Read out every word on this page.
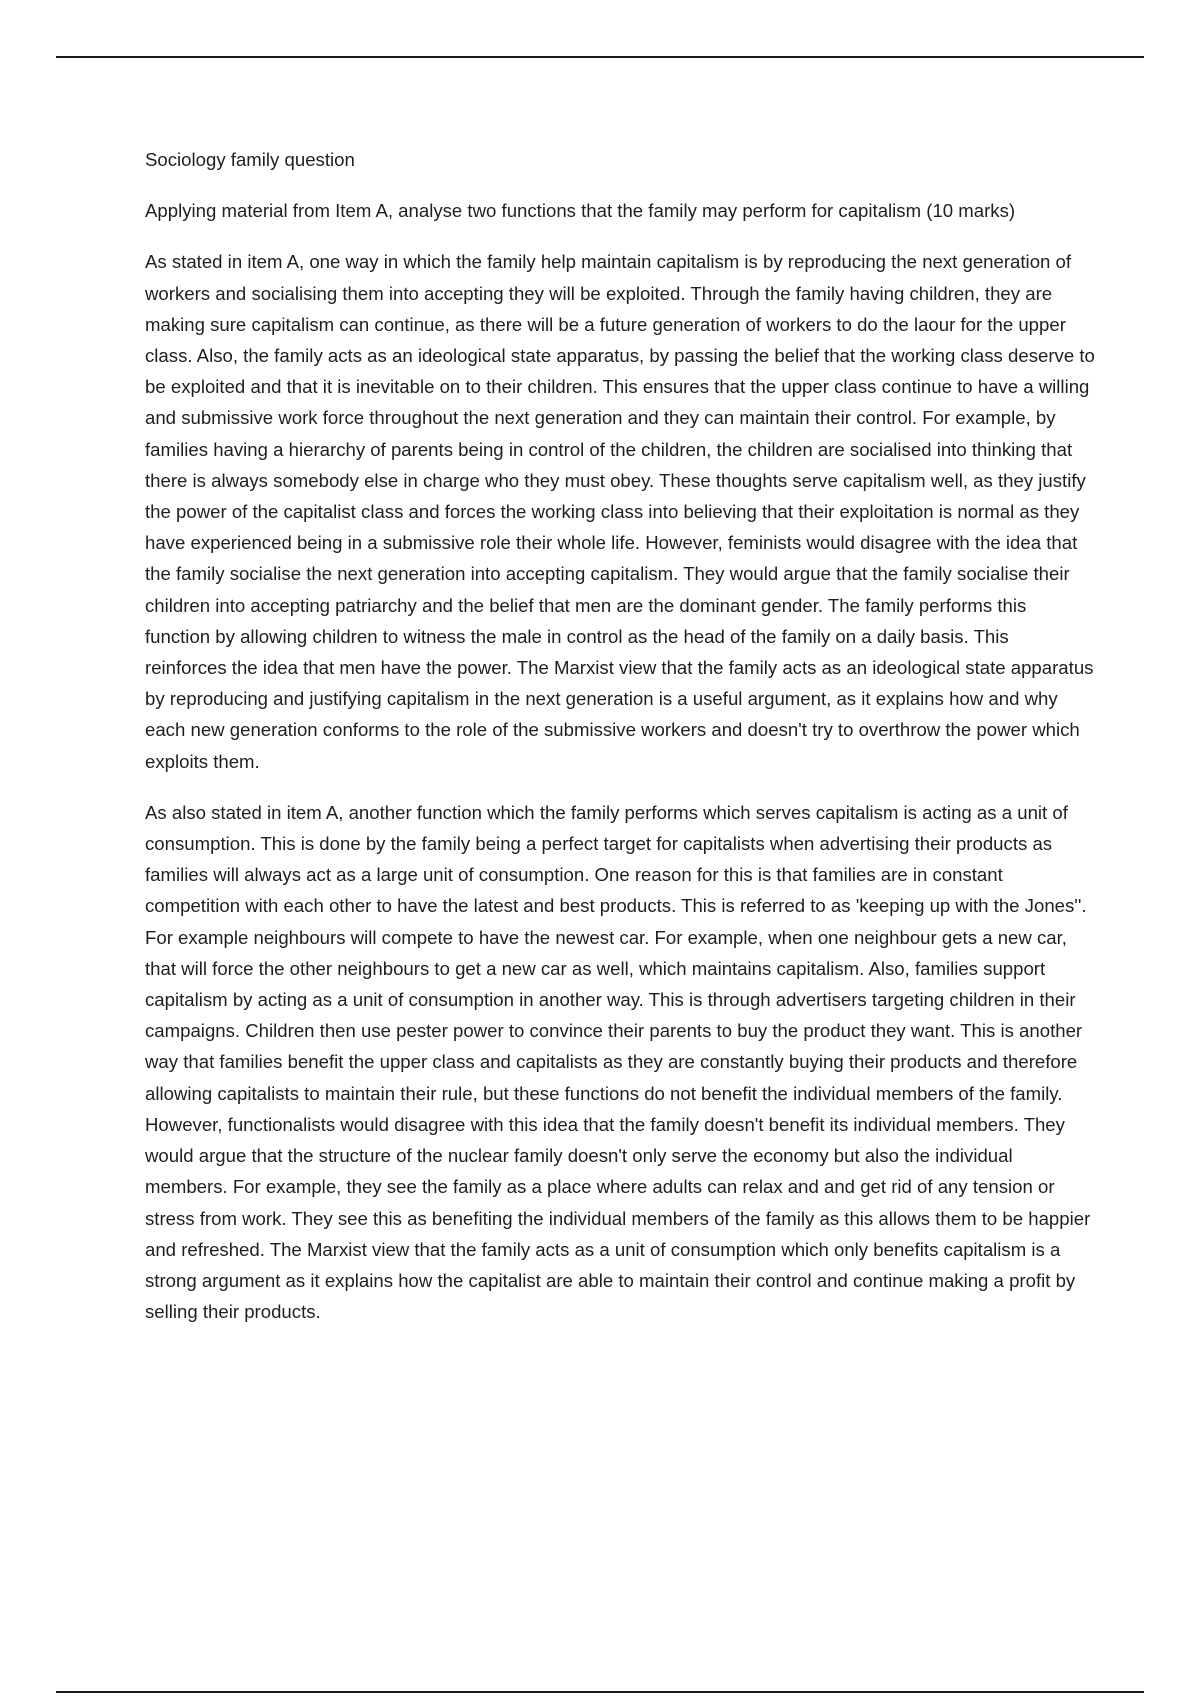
Sociology family question

Applying material from Item A, analyse two functions that the family may perform for capitalism (10 marks)

As stated in item A, one way in which the family help maintain capitalism is by reproducing the next generation of workers and socialising them into accepting they will be exploited. Through the family having children, they are making sure capitalism can continue, as there will be a future generation of workers to do the laour for the upper class. Also, the family acts as an ideological state apparatus, by passing the belief that the working class deserve to be exploited and that it is inevitable on to their children. This ensures that the upper class continue to have a willing and submissive work force throughout the next generation and they can maintain their control. For example, by families having a hierarchy of parents being in control of the children, the children are socialised into thinking that there is always somebody else in charge who they must obey. These thoughts serve capitalism well, as they justify the power of the capitalist class and forces the working class into believing that their exploitation is normal as they have experienced being in a submissive role their whole life. However, feminists would disagree with the idea that the family socialise the next generation into accepting capitalism. They would argue that the family socialise their children into accepting patriarchy and the belief that men are the dominant gender. The family performs this function by allowing children to witness the male in control as the head of the family on a daily basis. This reinforces the idea that men have the power. The Marxist view that the family acts as an ideological state apparatus by reproducing and justifying capitalism in the next generation is a useful argument, as it explains how and why each new generation conforms to the role of the submissive workers and doesn't try to overthrow the power which exploits them.

As also stated in item A, another function which the family performs which serves capitalism is acting as a unit of consumption. This is done by the family being a perfect target for capitalists when advertising their products as families will always act as a large unit of consumption. One reason for this is that families are in constant competition with each other to have the latest and best products. This is referred to as 'keeping up with the Jones''. For example neighbours will compete to have the newest car. For example, when one neighbour gets a new car, that will force the other neighbours to get a new car as well, which maintains capitalism. Also, families support capitalism by acting as a unit of consumption in another way. This is through advertisers targeting children in their campaigns. Children then use pester power to convince their parents to buy the product they want. This is another way that families benefit the upper class and capitalists as they are constantly buying their products and therefore allowing capitalists to maintain their rule, but these functions do not benefit the individual members of the family. However, functionalists would disagree with this idea that the family doesn't benefit its individual members. They would argue that the structure of the nuclear family doesn't only serve the economy but also the individual members. For example, they see the family as a place where adults can relax and and get rid of any tension or stress from work. They see this as benefiting the individual members of the family as this allows them to be happier and refreshed. The Marxist view that the family acts as a unit of consumption which only benefits capitalism is a strong argument as it explains how the capitalist are able to maintain their control and continue making a profit by selling their products.
